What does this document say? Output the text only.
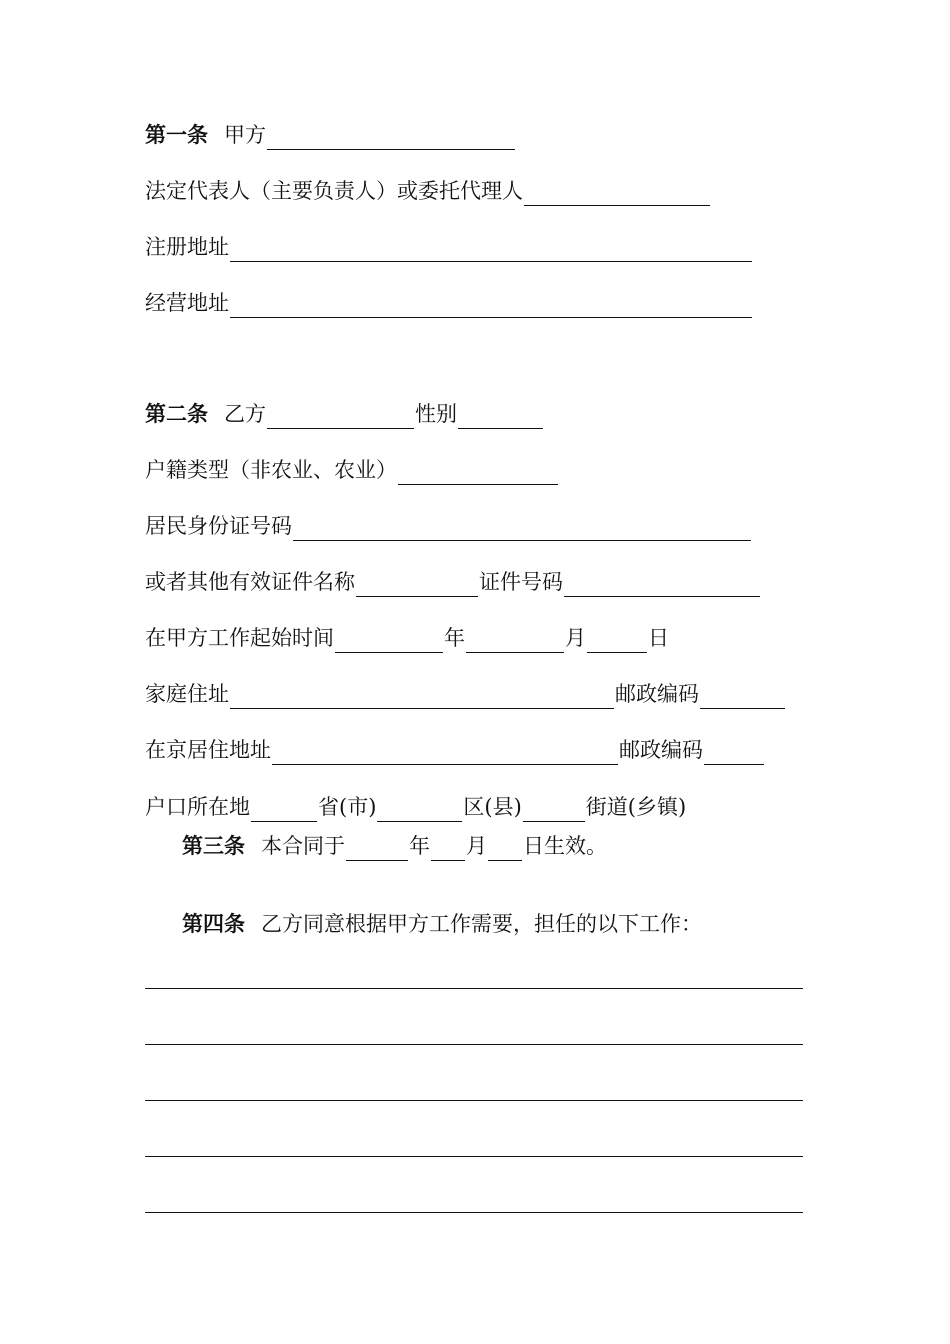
第一条 甲方
法定代表人（主要负责人）或委托代理人
注册地址
经营地址
第二条 乙方	性别
户籍类型（非农业、农业）
居民身份证号码
或者其他有效证件名称	证件号码
在甲方工作起始时间	年	月	日
家庭住址	邮政编码
在京居住地址	邮政编码
户口所在地	省(市)	区(县)	街道(乡镇)
第三条 本合同于	年 月 日生效。
第四条 乙方同意根据甲方工作需要，担任的以下工作：
